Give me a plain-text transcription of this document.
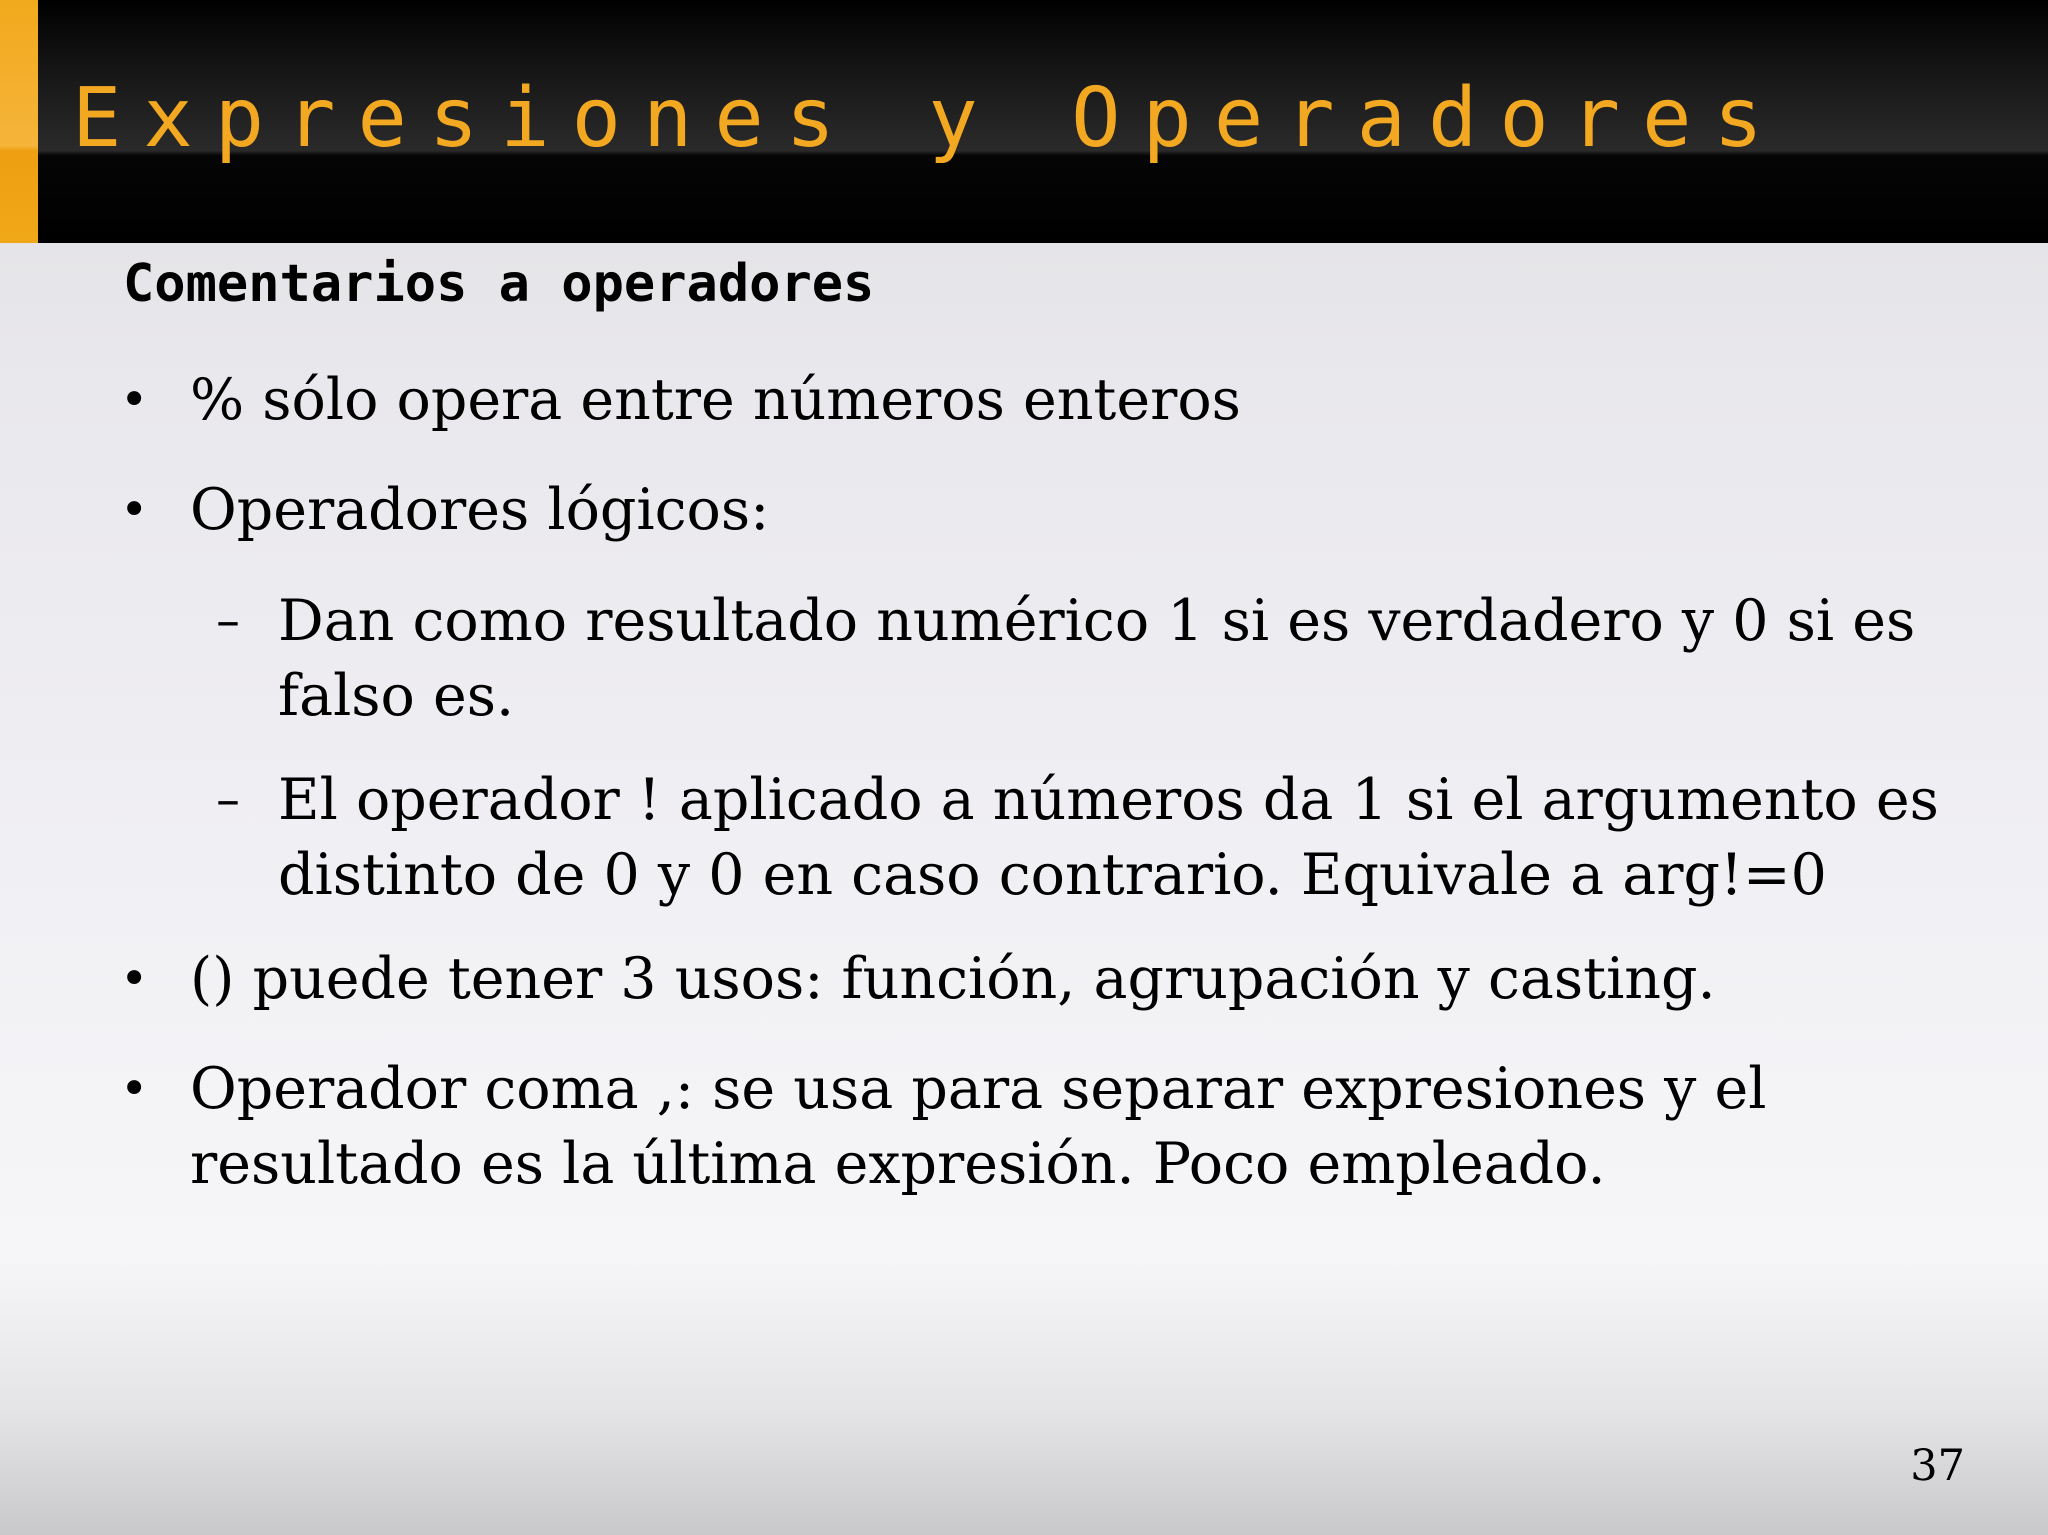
Expresiones y Operadores
Comentarios a operadores
• % sólo opera entre números enteros

• Operadores lógicos:

– Dan como resultado numérico 1 si es verdadero y 0 si es falso es.

– El operador ! aplicado a números da 1 si el argumento es distinto de 0 y 0 en caso contrario. Equivale a arg!=0

• () puede tener 3 usos: función, agrupación y casting.

• Operador coma ,: se usa para separar expresiones y el resultado es la última expresión. Poco empleado.

37
